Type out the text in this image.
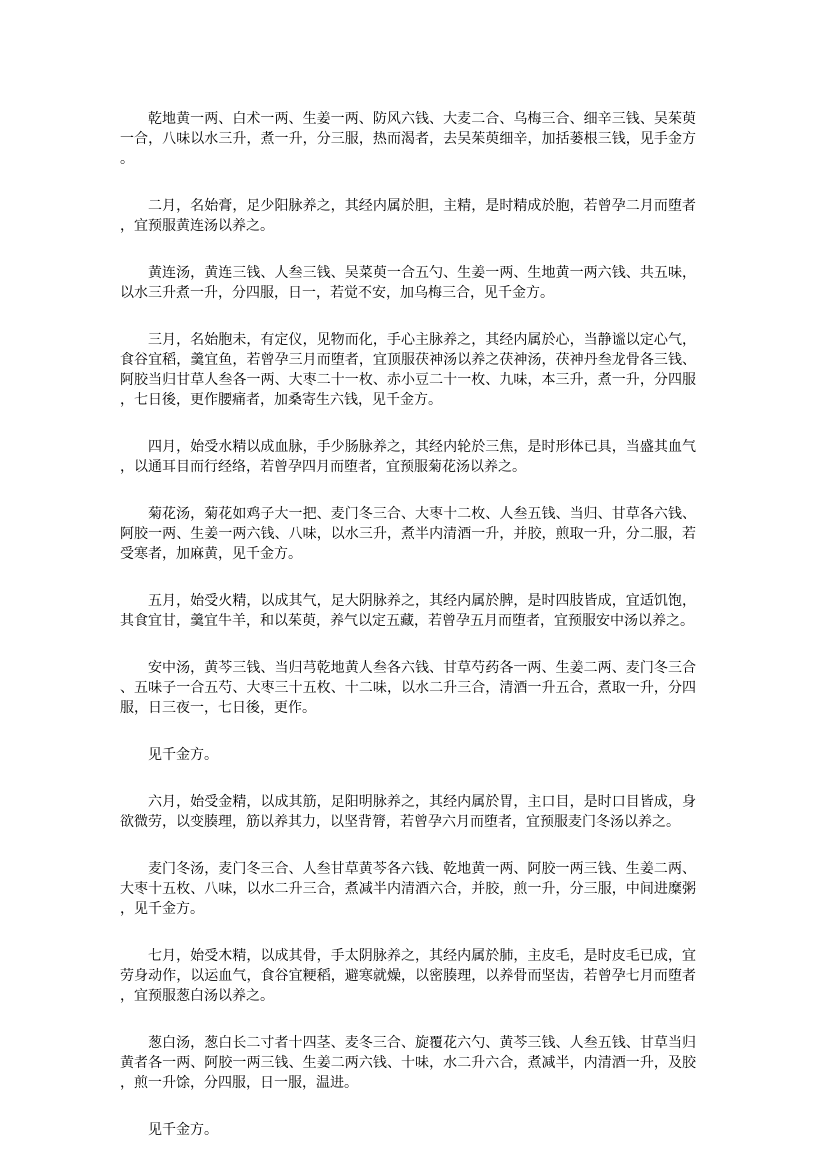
乾地黄一两、白术一两、生姜一两、防风六钱、大麦二合、乌梅三合、细辛三钱、吴茱萸一合，八味以水三升，煮一升，分三服，热而渴者，去吴茱萸细辛，加括蒌根三钱，见手金方。

二月，名始膏，足少阳脉养之，其经内属於胆，主精，是时精成於胞，若曾孕二月而堕者，宜预服黄连汤以养之。

黄连汤，黄连三钱、人叁三钱、吴菜萸一合五勺、生姜一两、生地黄一两六钱、共五味，以水三升煮一升，分四服，日一，若觉不安，加乌梅三合，见千金方。

三月，名始胞未，有定仪，见物而化，手心主脉养之，其经内属於心，当静谧以定心气，食谷宜稻，羹宜鱼，若曾孕三月而堕者，宜顶服茯神汤以养之茯神汤，茯神丹叁龙骨各三钱、阿胶当归甘草人叁各一两、大枣二十一枚、赤小豆二十一枚、九味，本三升，煮一升，分四服，七日後，更作腰痛者，加桑寄生六钱，见千金方。

四月，始受水精以成血脉，手少肠脉养之，其经内轮於三焦，是时形体已具，当盛其血气，以通耳目而行经络，若曾孕四月而堕者，宜预服菊花汤以养之。

菊花汤，菊花如鸡子大一把、麦门冬三合、大枣十二枚、人叁五钱、当归、甘草各六钱、阿胶一两、生姜一两六钱、八味，以水三升，煮半内清酒一升，并胶，煎取一升，分二服，若受寒者，加麻黄，见千金方。

五月，始受火精，以成其气，足大阴脉养之，其经内属於脾，是时四肢皆成，宜适饥饱，其食宜甘，羹宜牛羊，和以茱萸，养气以定五藏，若曾孕五月而堕者，宜预服安中汤以养之。

安中汤，黄芩三钱、当归芎乾地黄人叁各六钱、甘草芍药各一两、生姜二两、麦门冬三合、五味子一合五芍、大枣三十五枚、十二味，以水二升三合，清酒一升五合，煮取一升，分四服，日三夜一，七日後，更作。

见千金方。

六月，始受金精，以成其筋，足阳明脉养之，其经内属於胃，主口目，是时口目皆成，身欲微劳，以变腠理，筋以养其力，以坚背膂，若曾孕六月而堕者，宜预服麦门冬汤以养之。

麦门冬汤，麦门冬三合、人叁甘草黄芩各六钱、乾地黄一两、阿胶一两三钱、生姜二两、大枣十五枚、八味，以水二升三合，煮减半内清酒六合，并胶，煎一升，分三服，中间进糜粥，见千金方。

七月，始受木精，以成其骨，手太阴脉养之，其经内属於肺，主皮毛，是时皮毛已成，宜劳身动作，以运血气，食谷宜粳稻，避寒就燥，以密腠理，以养骨而坚齿，若曾孕七月而堕者，宜预服葱白汤以养之。

葱白汤，葱白长二寸者十四茎、麦冬三合、旋覆花六勺、黄芩三钱、人叁五钱、甘草当归黄者各一两、阿胶一两三钱、生姜二两六钱、十味，水二升六合，煮减半，内清酒一升，及胶，煎一升馀，分四服，日一服，温进。

见千金方。
